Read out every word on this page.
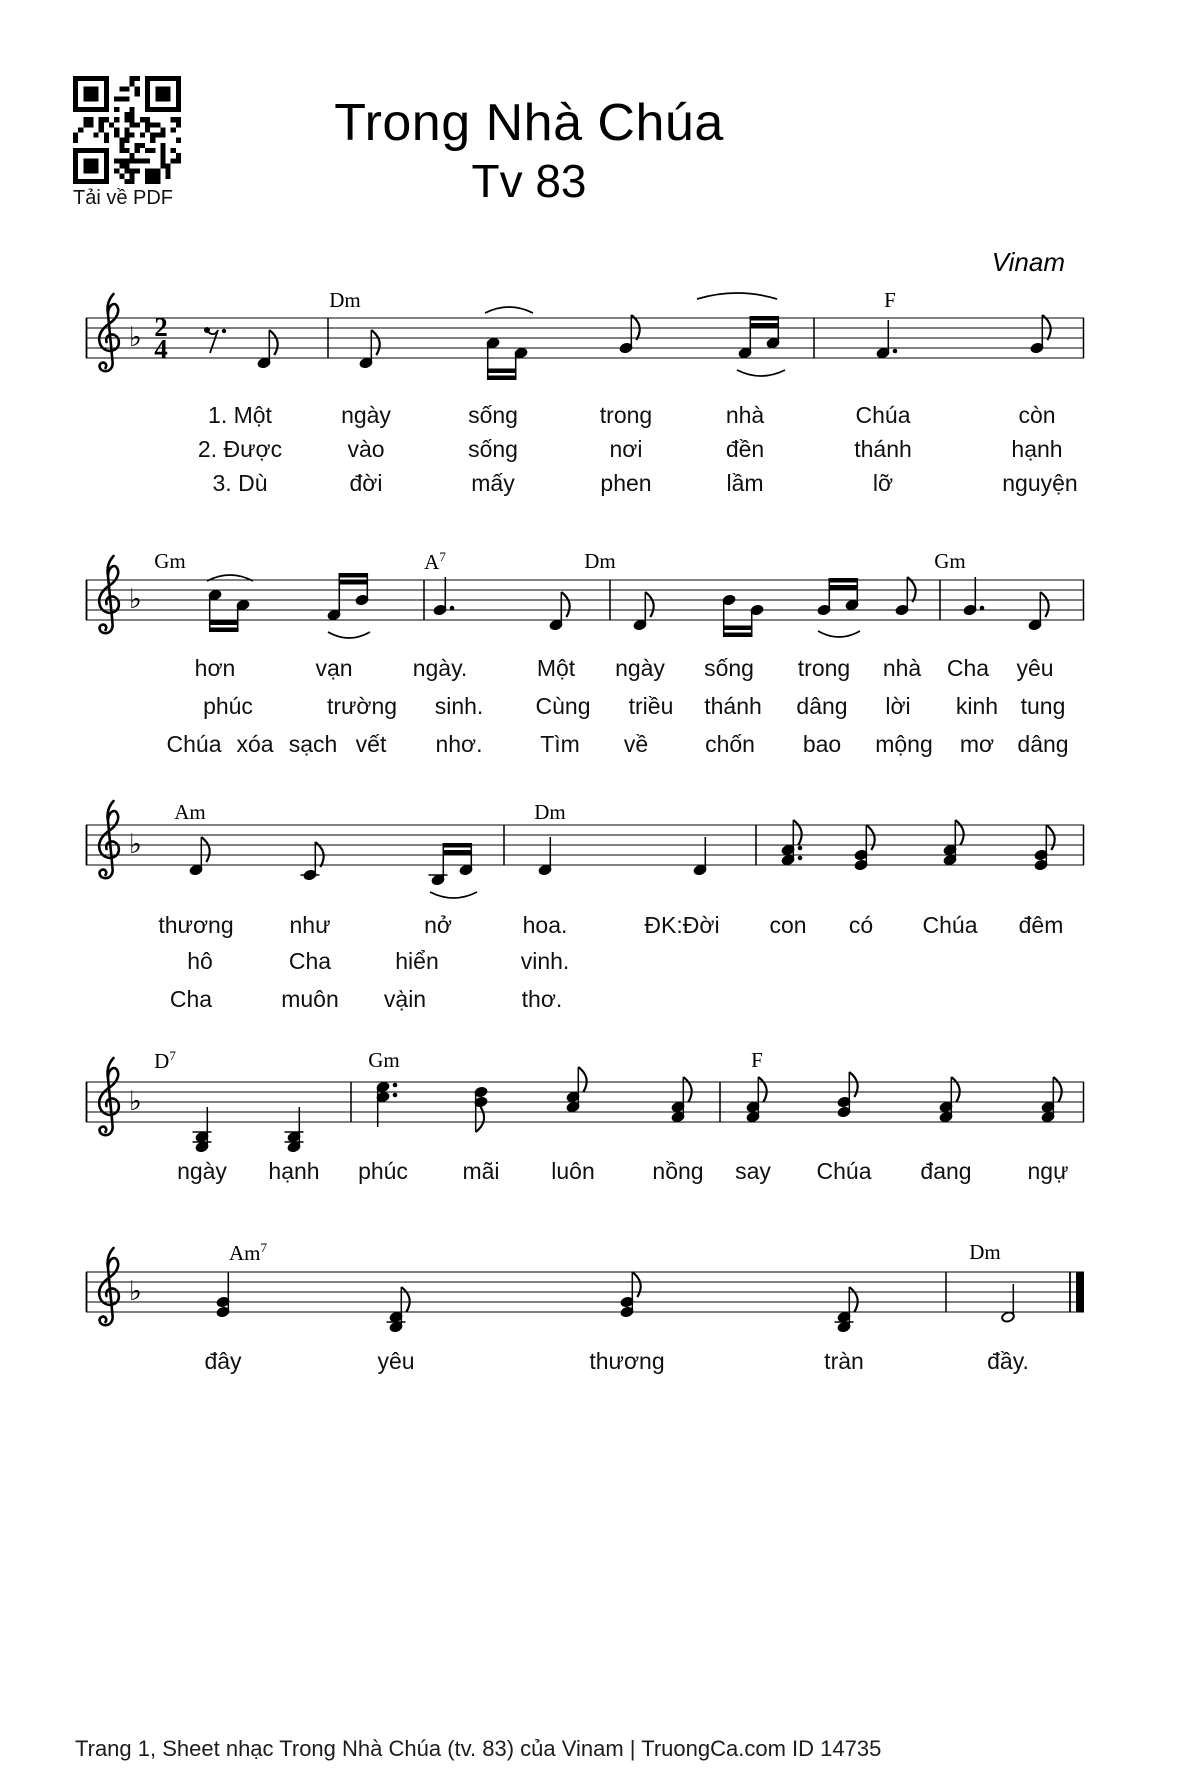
Tải về PDF
Trong Nhà Chúa
Tv 83
Vinam
Dm	F
1. Một	ngày	sống	trong	nhà	Chúa	còn
2. Được	vào	sống	nơi	đền	thánh	hạnh
3. Dù	đời	mấy	phen	lầm	lỡ	nguyện
♭ 2
4
Gm	$A^7$	Dm	Gm
hơn	vạn	ngày.	Một ngày sống trong nhà Cha yêu
phúc	trường sinh. Cùng triều thánh dâng lời kinh tung
Chúa xóa sạch vết nhơ.	Tìm về chốn bao mộng mơ dâng
♭
Am	Dm
thương như	nở	hoa.	ĐK:Đời con có Chúa đêm
hô	Cha	hiển	vinh.
Cha	muôn vạ̀in	thơ.
♭
$D^7$	Gm	F
ngày hạnh phúc mãi luôn	nồng say Chúa đang ngự
♭
Am$^7$	Dm
đây	yêu	thương	tràn	đầy.
♭
Trang 1, Sheet nhạc Trong Nhà Chúa (tv. 83) của Vinam | TruongCa.com ID 14735
